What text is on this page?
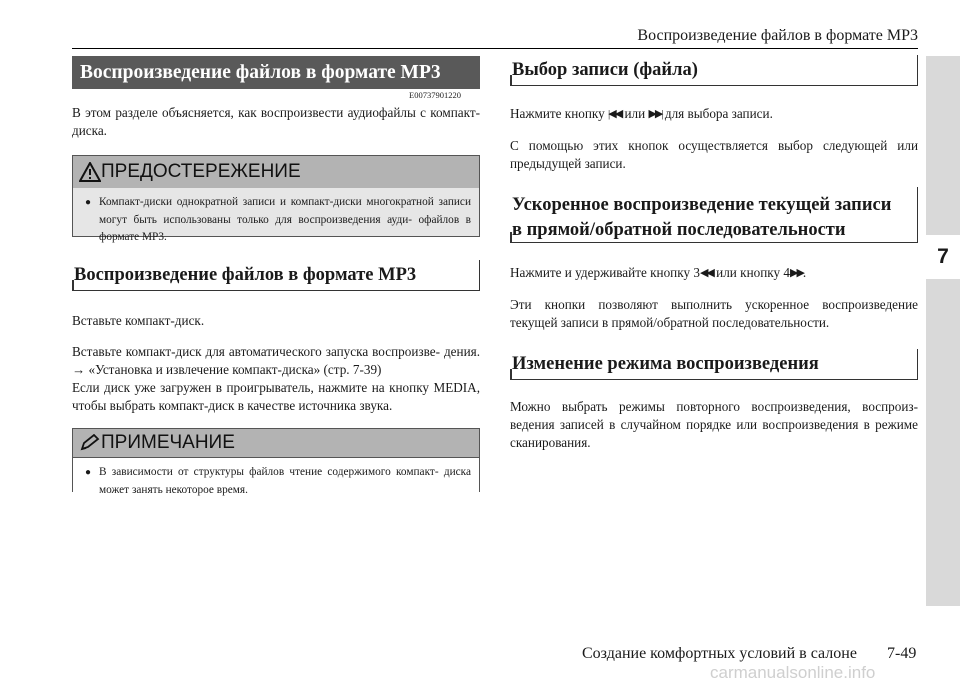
Воспроизведение файлов в формате MP3
7
Воспроизведение файлов в формате MP3
E00737901220
В этом разделе объясняется, как воспроизвести аудиофайлы с компакт-диска.
ПРЕДОСТЕРЕЖЕНИЕ
● Компакт-диски однократной записи и компакт-диски многократной записи могут быть использованы только для воспроизведения ауди- офайлов в формате MP3.
Воспроизведение файлов в формате MP3
Вставьте компакт-диск.
Вставьте компакт-диск для автоматического запуска воспроизве- дения. → «Установка и извлечение компакт-диска» (стр. 7-39)
Если диск уже загружен в проигрыватель, нажмите на кнопку MEDIA, чтобы выбрать компакт-диск в качестве источника звука.
ПРИМЕЧАНИЕ
● В зависимости от структуры файлов чтение содержимого компакт- диска может занять некоторое время.
Выбор записи (файла)
Нажмите кнопку |◀◀ или ▶▶| для выбора записи.
С помощью этих кнопок осуществляется выбор следующей или предыдущей записи.
Ускоренное воспроизведение текущей записи
в прямой/обратной последовательности
Нажмите и удерживайте кнопку 3◀◀ или кнопку 4▶▶.
Эти кнопки позволяют выполнить ускоренное воспроизведение текущей записи в прямой/обратной последовательности.
Изменение режима воспроизведения
Можно выбрать режимы повторного воспроизведения, воспроиз- ведения записей в случайном порядке или воспроизведения в режиме сканирования.
Создание комфортных условий в салоне 7-49
carmanualsonline.info
